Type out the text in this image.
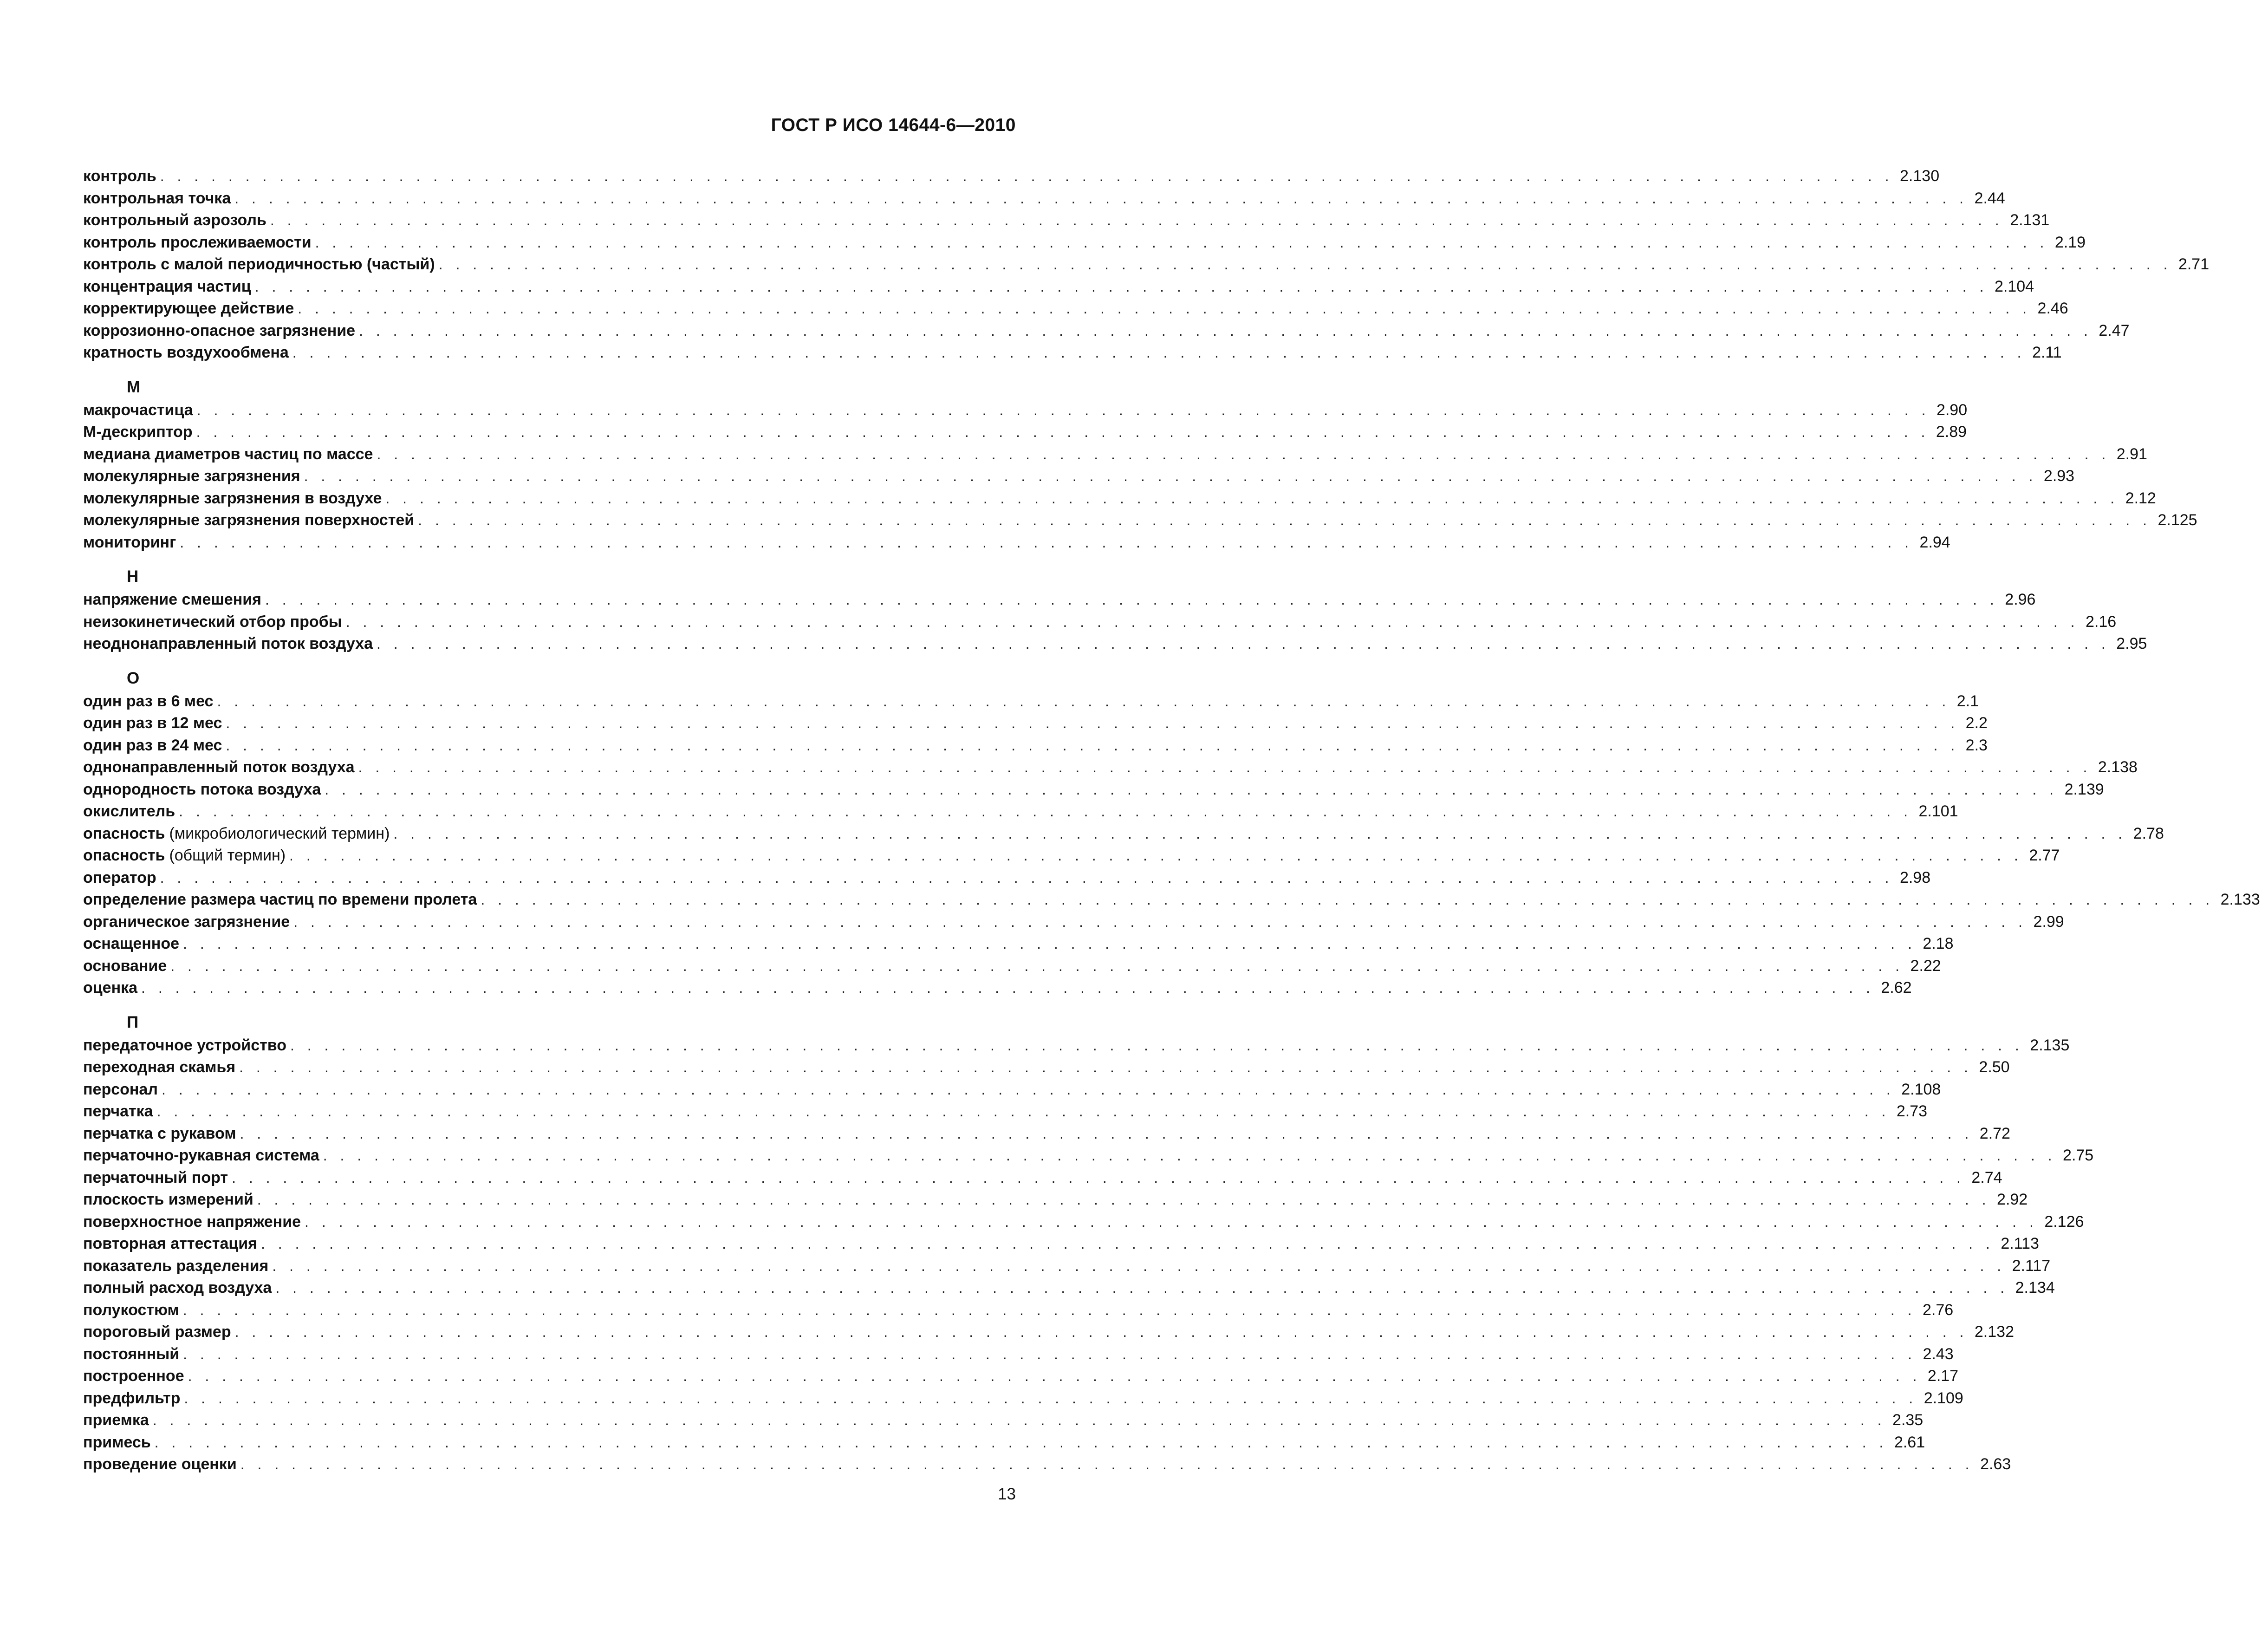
ГОСТ Р ИСО 14644-6—2010
контроль . . . . . . . . . . . . . . . . . . . . . . . . . . . . . . . . . . . . . . . . . . . . . . . . . . . . . . . . . . . . . . . . . . . . . . . . . . . . . . . . . . . . . . . . . . . . . . . . . . . . . . 2.130
контрольная точка . . . . . . . . . . . . . . . . . . . . . . . . . . . . . . . . . . . . . . . . . . . . . . . . . . . . . . . . . . . . . . . . . . . . . . . . . . . . . . . . . . . . . . . . . . . . . . . . . . . . . . 2.44
контрольный аэрозоль . . . . . . . . . . . . . . . . . . . . . . . . . . . . . . . . . . . . . . . . . . . . . . . . . . . . . . . . . . . . . . . . . . . . . . . . . . . . . . . . . . . . . . . . . . . . . . . . . . . . . . 2.131
контроль прослеживаемости . . . . . . . . . . . . . . . . . . . . . . . . . . . . . . . . . . . . . . . . . . . . . . . . . . . . . . . . . . . . . . . . . . . . . . . . . . . . . . . . . . . . . . . . . . . . . . . . . . . . . . 2.19
контроль с малой периодичностью (частый) . . . . . . . . . . . . . . . . . . . . . . . . . . . . . . . . . . . . . . . . . . . . . . . . . . . . . . . . . . . . . . . . . . . . . . . . . . . . . . . . . . . . . . . . . . . . . . . . . . . . . . 2.71
концентрация частиц . . . . . . . . . . . . . . . . . . . . . . . . . . . . . . . . . . . . . . . . . . . . . . . . . . . . . . . . . . . . . . . . . . . . . . . . . . . . . . . . . . . . . . . . . . . . . . . . . . . . . . 2.104
корректирующее действие . . . . . . . . . . . . . . . . . . . . . . . . . . . . . . . . . . . . . . . . . . . . . . . . . . . . . . . . . . . . . . . . . . . . . . . . . . . . . . . . . . . . . . . . . . . . . . . . . . . . . . 2.46
коррозионно-опасное загрязнение . . . . . . . . . . . . . . . . . . . . . . . . . . . . . . . . . . . . . . . . . . . . . . . . . . . . . . . . . . . . . . . . . . . . . . . . . . . . . . . . . . . . . . . . . . . . . . . . . . . . . . 2.47
кратность воздухообмена . . . . . . . . . . . . . . . . . . . . . . . . . . . . . . . . . . . . . . . . . . . . . . . . . . . . . . . . . . . . . . . . . . . . . . . . . . . . . . . . . . . . . . . . . . . . . . . . . . . . . . 2.11
М
макрочастица . . . . . . . . . . . . . . . . . . . . . . . . . . . . . . . . . . . . . . . . . . . . . . . . . . . . . . . . . . . . . . . . . . . . . . . . . . . . . . . . . . . . . . . . . . . . . . . . . . . . . . 2.90
М-дескриптор . . . . . . . . . . . . . . . . . . . . . . . . . . . . . . . . . . . . . . . . . . . . . . . . . . . . . . . . . . . . . . . . . . . . . . . . . . . . . . . . . . . . . . . . . . . . . . . . . . . . . . 2.89
медиана диаметров частиц по массе . . . . . . . . . . . . . . . . . . . . . . . . . . . . . . . . . . . . . . . . . . . . . . . . . . . . . . . . . . . . . . . . . . . . . . . . . . . . . . . . . . . . . . . . . . . . . . . . . . . . . . 2.91
молекулярные загрязнения . . . . . . . . . . . . . . . . . . . . . . . . . . . . . . . . . . . . . . . . . . . . . . . . . . . . . . . . . . . . . . . . . . . . . . . . . . . . . . . . . . . . . . . . . . . . . . . . . . . . . . 2.93
молекулярные загрязнения в воздухе . . . . . . . . . . . . . . . . . . . . . . . . . . . . . . . . . . . . . . . . . . . . . . . . . . . . . . . . . . . . . . . . . . . . . . . . . . . . . . . . . . . . . . . . . . . . . . . . . . . . . . 2.12
молекулярные загрязнения поверхностей . . . . . . . . . . . . . . . . . . . . . . . . . . . . . . . . . . . . . . . . . . . . . . . . . . . . . . . . . . . . . . . . . . . . . . . . . . . . . . . . . . . . . . . . . . . . . . . . . . . . . . 2.125
мониторинг . . . . . . . . . . . . . . . . . . . . . . . . . . . . . . . . . . . . . . . . . . . . . . . . . . . . . . . . . . . . . . . . . . . . . . . . . . . . . . . . . . . . . . . . . . . . . . . . . . . . . . 2.94
Н
напряжение смешения . . . . . . . . . . . . . . . . . . . . . . . . . . . . . . . . . . . . . . . . . . . . . . . . . . . . . . . . . . . . . . . . . . . . . . . . . . . . . . . . . . . . . . . . . . . . . . . . . . . . . . 2.96
неизокинетический отбор пробы . . . . . . . . . . . . . . . . . . . . . . . . . . . . . . . . . . . . . . . . . . . . . . . . . . . . . . . . . . . . . . . . . . . . . . . . . . . . . . . . . . . . . . . . . . . . . . . . . . . . . . 2.16
неоднонаправленный поток воздуха . . . . . . . . . . . . . . . . . . . . . . . . . . . . . . . . . . . . . . . . . . . . . . . . . . . . . . . . . . . . . . . . . . . . . . . . . . . . . . . . . . . . . . . . . . . . . . . . . . . . . . 2.95
О
один раз в 6 мес . . . . . . . . . . . . . . . . . . . . . . . . . . . . . . . . . . . . . . . . . . . . . . . . . . . . . . . . . . . . . . . . . . . . . . . . . . . . . . . . . . . . . . . . . . . . . . . . . . . . . . 2.1
один раз в 12 мес . . . . . . . . . . . . . . . . . . . . . . . . . . . . . . . . . . . . . . . . . . . . . . . . . . . . . . . . . . . . . . . . . . . . . . . . . . . . . . . . . . . . . . . . . . . . . . . . . . . . . . 2.2
один раз в 24 мес . . . . . . . . . . . . . . . . . . . . . . . . . . . . . . . . . . . . . . . . . . . . . . . . . . . . . . . . . . . . . . . . . . . . . . . . . . . . . . . . . . . . . . . . . . . . . . . . . . . . . . 2.3
однонаправленный поток воздуха . . . . . . . . . . . . . . . . . . . . . . . . . . . . . . . . . . . . . . . . . . . . . . . . . . . . . . . . . . . . . . . . . . . . . . . . . . . . . . . . . . . . . . . . . . . . . . . . . . . . . . 2.138
однородность потока воздуха . . . . . . . . . . . . . . . . . . . . . . . . . . . . . . . . . . . . . . . . . . . . . . . . . . . . . . . . . . . . . . . . . . . . . . . . . . . . . . . . . . . . . . . . . . . . . . . . . . . . . . 2.139
окислитель . . . . . . . . . . . . . . . . . . . . . . . . . . . . . . . . . . . . . . . . . . . . . . . . . . . . . . . . . . . . . . . . . . . . . . . . . . . . . . . . . . . . . . . . . . . . . . . . . . . . . . 2.101
опасность (микробиологический термин) . . . . . . . . . . . . . . . . . . . . . . . . . . . . . . . . . . . . . . . . . . . . . . . . . . . . . . . . . . . . . . . . . . . . . . . . . . . . . . . . . . . . . . . . . . . . . . . . . . . . . . 2.78
опасность (общий термин) . . . . . . . . . . . . . . . . . . . . . . . . . . . . . . . . . . . . . . . . . . . . . . . . . . . . . . . . . . . . . . . . . . . . . . . . . . . . . . . . . . . . . . . . . . . . . . . . . . . . . . 2.77
оператор . . . . . . . . . . . . . . . . . . . . . . . . . . . . . . . . . . . . . . . . . . . . . . . . . . . . . . . . . . . . . . . . . . . . . . . . . . . . . . . . . . . . . . . . . . . . . . . . . . . . . . 2.98
определение размера частиц по времени пролета . . . . . . . . . . . . . . . . . . . . . . . . . . . . . . . . . . . . . . . . . . . . . . . . . . . . . . . . . . . . . . . . . . . . . . . . . . . . . . . . . . . . . . . . . . . . . . . . . . . . . . 2.133
органическое загрязнение . . . . . . . . . . . . . . . . . . . . . . . . . . . . . . . . . . . . . . . . . . . . . . . . . . . . . . . . . . . . . . . . . . . . . . . . . . . . . . . . . . . . . . . . . . . . . . . . . . . . . . 2.99
оснащенное . . . . . . . . . . . . . . . . . . . . . . . . . . . . . . . . . . . . . . . . . . . . . . . . . . . . . . . . . . . . . . . . . . . . . . . . . . . . . . . . . . . . . . . . . . . . . . . . . . . . . . 2.18
основание . . . . . . . . . . . . . . . . . . . . . . . . . . . . . . . . . . . . . . . . . . . . . . . . . . . . . . . . . . . . . . . . . . . . . . . . . . . . . . . . . . . . . . . . . . . . . . . . . . . . . . 2.22
оценка . . . . . . . . . . . . . . . . . . . . . . . . . . . . . . . . . . . . . . . . . . . . . . . . . . . . . . . . . . . . . . . . . . . . . . . . . . . . . . . . . . . . . . . . . . . . . . . . . . . . . . 2.62
П
передаточное устройство . . . . . . . . . . . . . . . . . . . . . . . . . . . . . . . . . . . . . . . . . . . . . . . . . . . . . . . . . . . . . . . . . . . . . . . . . . . . . . . . . . . . . . . . . . . . . . . . . . . . . . 2.135
переходная скамья . . . . . . . . . . . . . . . . . . . . . . . . . . . . . . . . . . . . . . . . . . . . . . . . . . . . . . . . . . . . . . . . . . . . . . . . . . . . . . . . . . . . . . . . . . . . . . . . . . . . . . 2.50
персонал . . . . . . . . . . . . . . . . . . . . . . . . . . . . . . . . . . . . . . . . . . . . . . . . . . . . . . . . . . . . . . . . . . . . . . . . . . . . . . . . . . . . . . . . . . . . . . . . . . . . . . 2.108
перчатка . . . . . . . . . . . . . . . . . . . . . . . . . . . . . . . . . . . . . . . . . . . . . . . . . . . . . . . . . . . . . . . . . . . . . . . . . . . . . . . . . . . . . . . . . . . . . . . . . . . . . . 2.73
перчатка с рукавом . . . . . . . . . . . . . . . . . . . . . . . . . . . . . . . . . . . . . . . . . . . . . . . . . . . . . . . . . . . . . . . . . . . . . . . . . . . . . . . . . . . . . . . . . . . . . . . . . . . . . . 2.72
перчаточно-рукавная система . . . . . . . . . . . . . . . . . . . . . . . . . . . . . . . . . . . . . . . . . . . . . . . . . . . . . . . . . . . . . . . . . . . . . . . . . . . . . . . . . . . . . . . . . . . . . . . . . . . . . . 2.75
перчаточный порт . . . . . . . . . . . . . . . . . . . . . . . . . . . . . . . . . . . . . . . . . . . . . . . . . . . . . . . . . . . . . . . . . . . . . . . . . . . . . . . . . . . . . . . . . . . . . . . . . . . . . . 2.74
плоскость измерений . . . . . . . . . . . . . . . . . . . . . . . . . . . . . . . . . . . . . . . . . . . . . . . . . . . . . . . . . . . . . . . . . . . . . . . . . . . . . . . . . . . . . . . . . . . . . . . . . . . . . . 2.92
поверхностное напряжение . . . . . . . . . . . . . . . . . . . . . . . . . . . . . . . . . . . . . . . . . . . . . . . . . . . . . . . . . . . . . . . . . . . . . . . . . . . . . . . . . . . . . . . . . . . . . . . . . . . . . . 2.126
повторная аттестация . . . . . . . . . . . . . . . . . . . . . . . . . . . . . . . . . . . . . . . . . . . . . . . . . . . . . . . . . . . . . . . . . . . . . . . . . . . . . . . . . . . . . . . . . . . . . . . . . . . . . . 2.113
показатель разделения . . . . . . . . . . . . . . . . . . . . . . . . . . . . . . . . . . . . . . . . . . . . . . . . . . . . . . . . . . . . . . . . . . . . . . . . . . . . . . . . . . . . . . . . . . . . . . . . . . . . . . 2.117
полный расход воздуха . . . . . . . . . . . . . . . . . . . . . . . . . . . . . . . . . . . . . . . . . . . . . . . . . . . . . . . . . . . . . . . . . . . . . . . . . . . . . . . . . . . . . . . . . . . . . . . . . . . . . . 2.134
полукостюм . . . . . . . . . . . . . . . . . . . . . . . . . . . . . . . . . . . . . . . . . . . . . . . . . . . . . . . . . . . . . . . . . . . . . . . . . . . . . . . . . . . . . . . . . . . . . . . . . . . . . . 2.76
пороговый размер . . . . . . . . . . . . . . . . . . . . . . . . . . . . . . . . . . . . . . . . . . . . . . . . . . . . . . . . . . . . . . . . . . . . . . . . . . . . . . . . . . . . . . . . . . . . . . . . . . . . . . 2.132
постоянный . . . . . . . . . . . . . . . . . . . . . . . . . . . . . . . . . . . . . . . . . . . . . . . . . . . . . . . . . . . . . . . . . . . . . . . . . . . . . . . . . . . . . . . . . . . . . . . . . . . . . . 2.43
построенное . . . . . . . . . . . . . . . . . . . . . . . . . . . . . . . . . . . . . . . . . . . . . . . . . . . . . . . . . . . . . . . . . . . . . . . . . . . . . . . . . . . . . . . . . . . . . . . . . . . . . . 2.17
предфильтр . . . . . . . . . . . . . . . . . . . . . . . . . . . . . . . . . . . . . . . . . . . . . . . . . . . . . . . . . . . . . . . . . . . . . . . . . . . . . . . . . . . . . . . . . . . . . . . . . . . . . . 2.109
приемка . . . . . . . . . . . . . . . . . . . . . . . . . . . . . . . . . . . . . . . . . . . . . . . . . . . . . . . . . . . . . . . . . . . . . . . . . . . . . . . . . . . . . . . . . . . . . . . . . . . . . . 2.35
примесь . . . . . . . . . . . . . . . . . . . . . . . . . . . . . . . . . . . . . . . . . . . . . . . . . . . . . . . . . . . . . . . . . . . . . . . . . . . . . . . . . . . . . . . . . . . . . . . . . . . . . . 2.61
проведение оценки . . . . . . . . . . . . . . . . . . . . . . . . . . . . . . . . . . . . . . . . . . . . . . . . . . . . . . . . . . . . . . . . . . . . . . . . . . . . . . . . . . . . . . . . . . . . . . . . . . . . . . 2.63
13
